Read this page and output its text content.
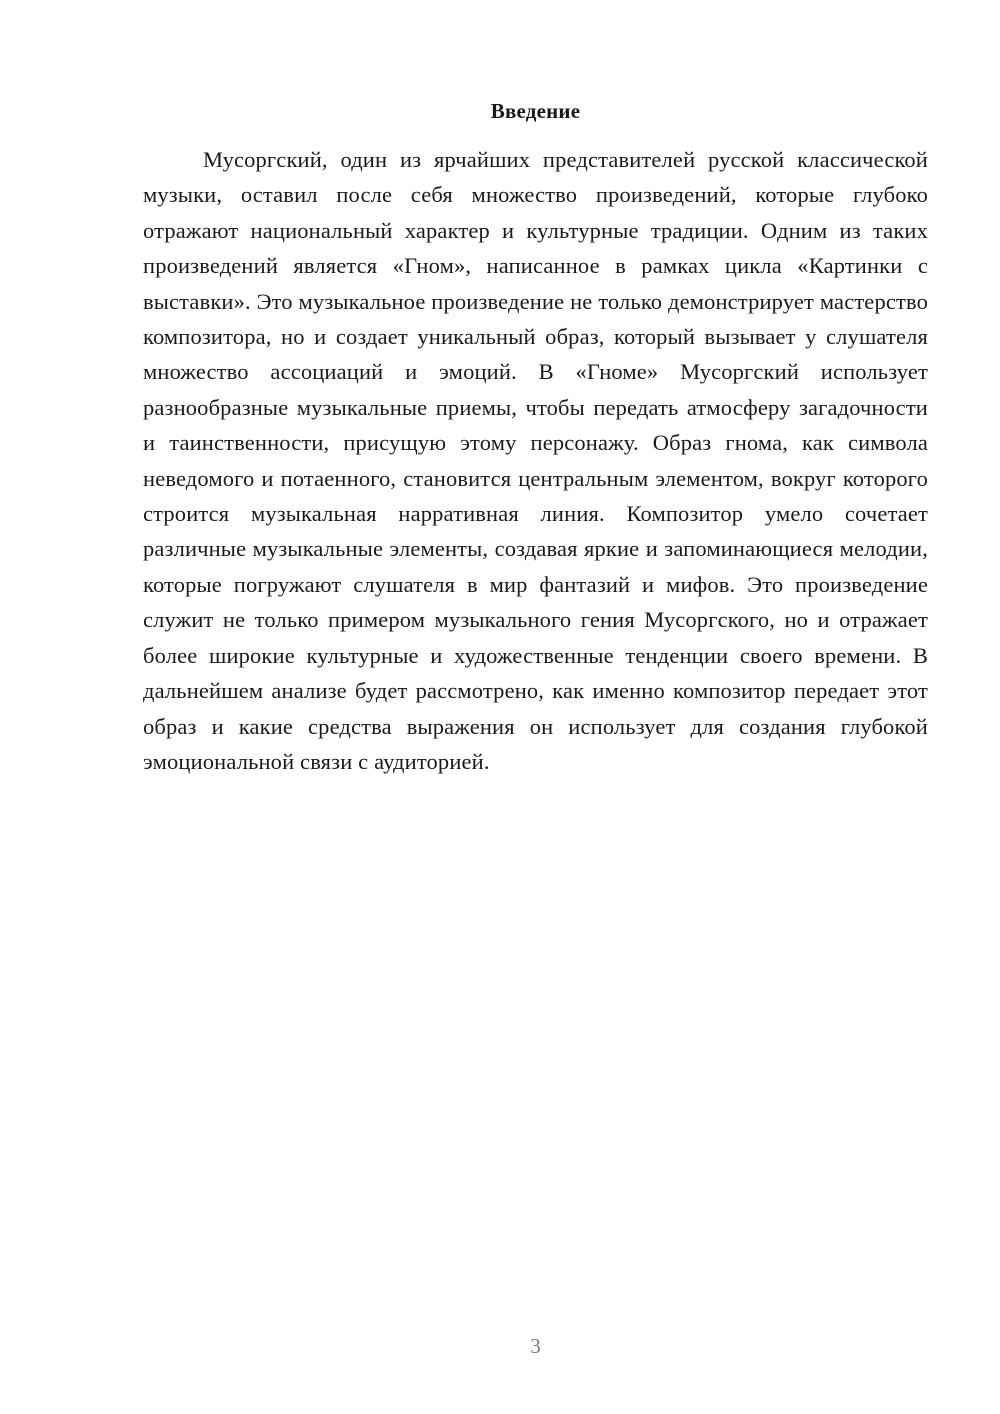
Введение

Мусоргский, один из ярчайших представителей русской классической музыки, оставил после себя множество произведений, которые глубоко отражают национальный характер и культурные традиции. Одним из таких произведений является «Гном», написанное в рамках цикла «Картинки с выставки». Это музыкальное произведение не только демонстрирует мастерство композитора, но и создает уникальный образ, который вызывает у слушателя множество ассоциаций и эмоций. В «Гноме» Мусоргский использует разнообразные музыкальные приемы, чтобы передать атмосферу загадочности и таинственности, присущую этому персонажу. Образ гнома, как символа неведомого и потаенного, становится центральным элементом, вокруг которого строится музыкальная нарративная линия. Композитор умело сочетает различные музыкальные элементы, создавая яркие и запоминающиеся мелодии, которые погружают слушателя в мир фантазий и мифов. Это произведение служит не только примером музыкального гения Мусоргского, но и отражает более широкие культурные и художественные тенденции своего времени. В дальнейшем анализе будет рассмотрено, как именно композитор передает этот образ и какие средства выражения он использует для создания глубокой эмоциональной связи с аудиторией.

3
